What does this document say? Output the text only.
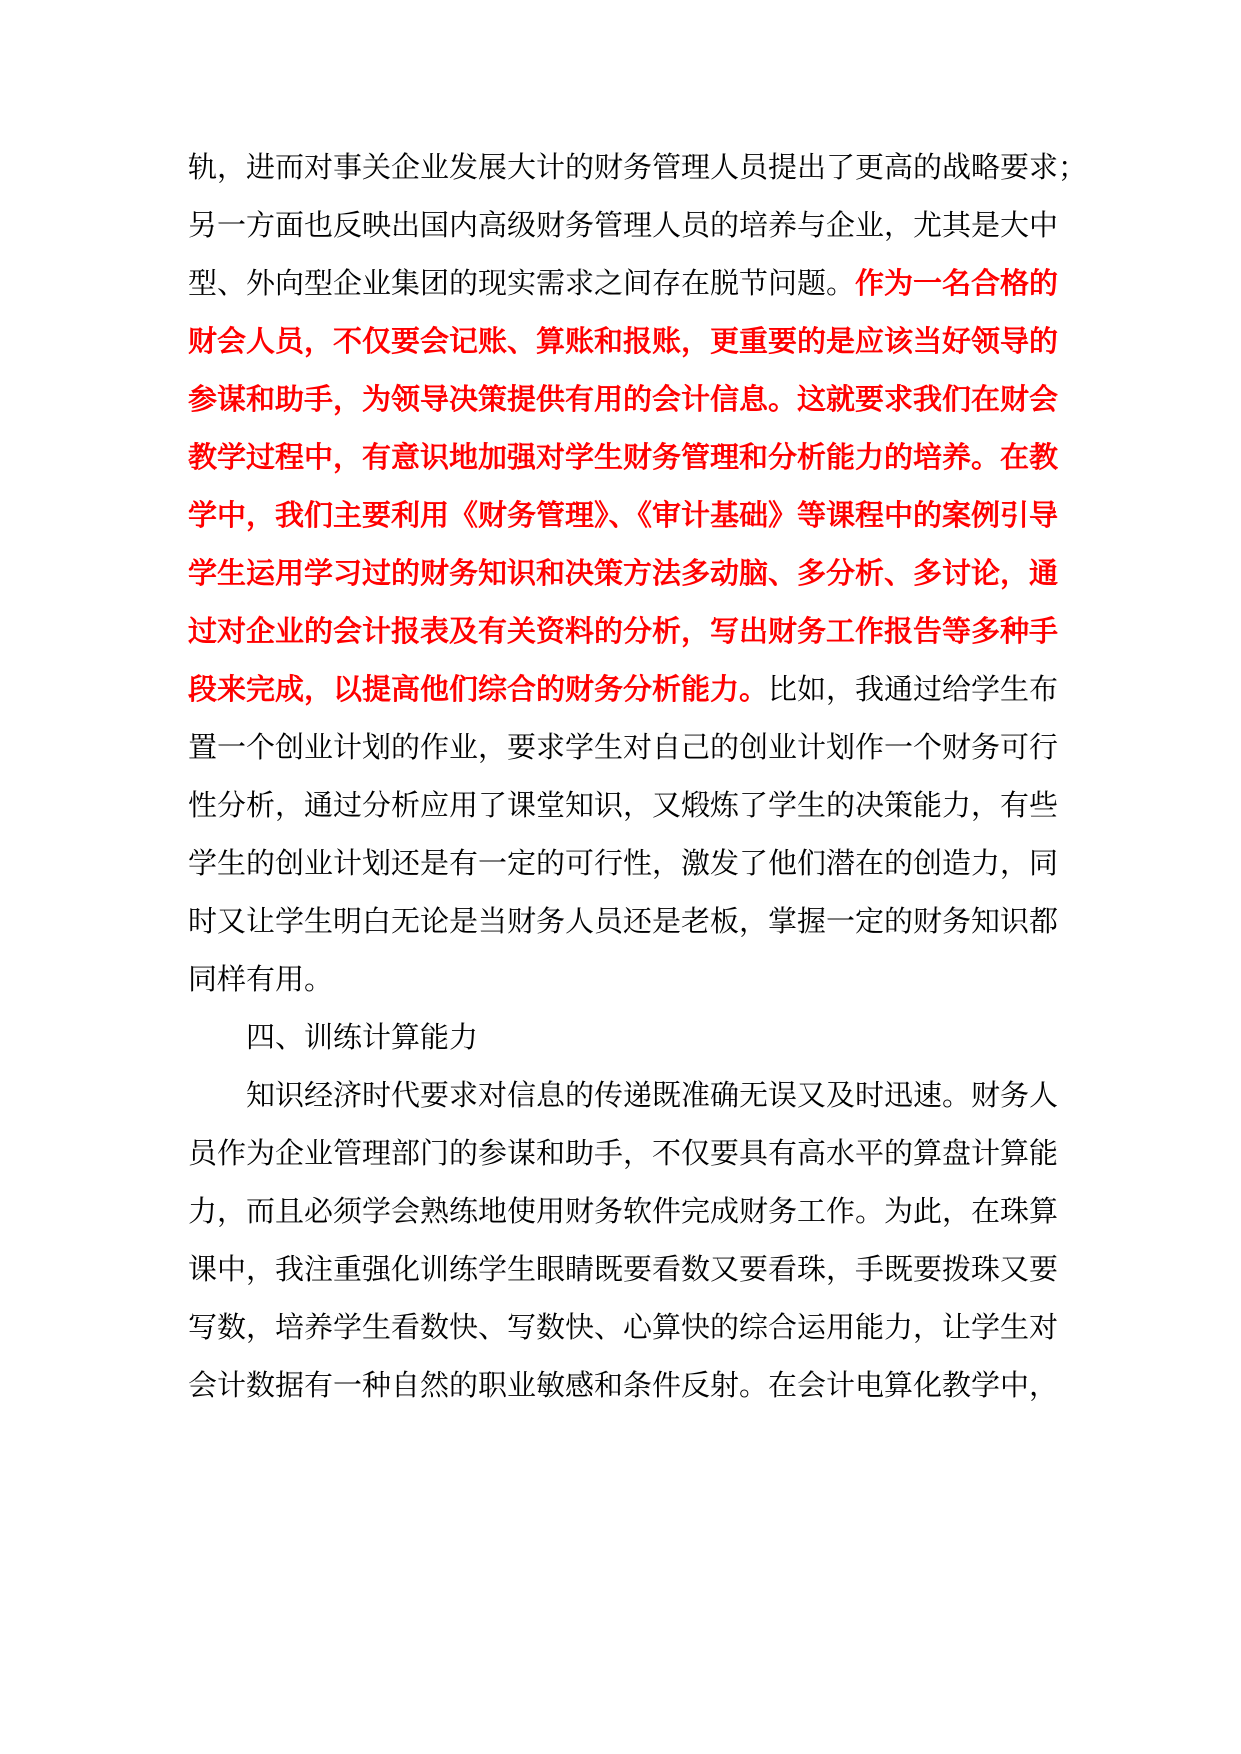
轨，进而对事关企业发展大计的财务管理人员提出了更高的战略要求；
另一方面也反映出国内高级财务管理人员的培养与企业，尤其是大中
型、外向型企业集团的现实需求之间存在脱节问题。作为一名合格的
财会人员，不仅要会记账、算账和报账，更重要的是应该当好领导的
参谋和助手，为领导决策提供有用的会计信息。这就要求我们在财会
教学过程中，有意识地加强对学生财务管理和分析能力的培养。在教
学中，我们主要利用《财务管理》、《审计基础》等课程中的案例引导
学生运用学习过的财务知识和决策方法多动脑、多分析、多讨论，通
过对企业的会计报表及有关资料的分析，写出财务工作报告等多种手
段来完成，以提高他们综合的财务分析能力。比如，我通过给学生布
置一个创业计划的作业，要求学生对自己的创业计划作一个财务可行
性分析，通过分析应用了课堂知识，又煅炼了学生的决策能力，有些
学生的创业计划还是有一定的可行性，激发了他们潜在的创造力，同
时又让学生明白无论是当财务人员还是老板，掌握一定的财务知识都
同样有用。
四、训练计算能力
知识经济时代要求对信息的传递既准确无误又及时迅速。财务人
员作为企业管理部门的参谋和助手，不仅要具有高水平的算盘计算能
力，而且必须学会熟练地使用财务软件完成财务工作。为此，在珠算
课中，我注重强化训练学生眼睛既要看数又要看珠，手既要拨珠又要
写数，培养学生看数快、写数快、心算快的综合运用能力，让学生对
会计数据有一种自然的职业敏感和条件反射。在会计电算化教学中，
